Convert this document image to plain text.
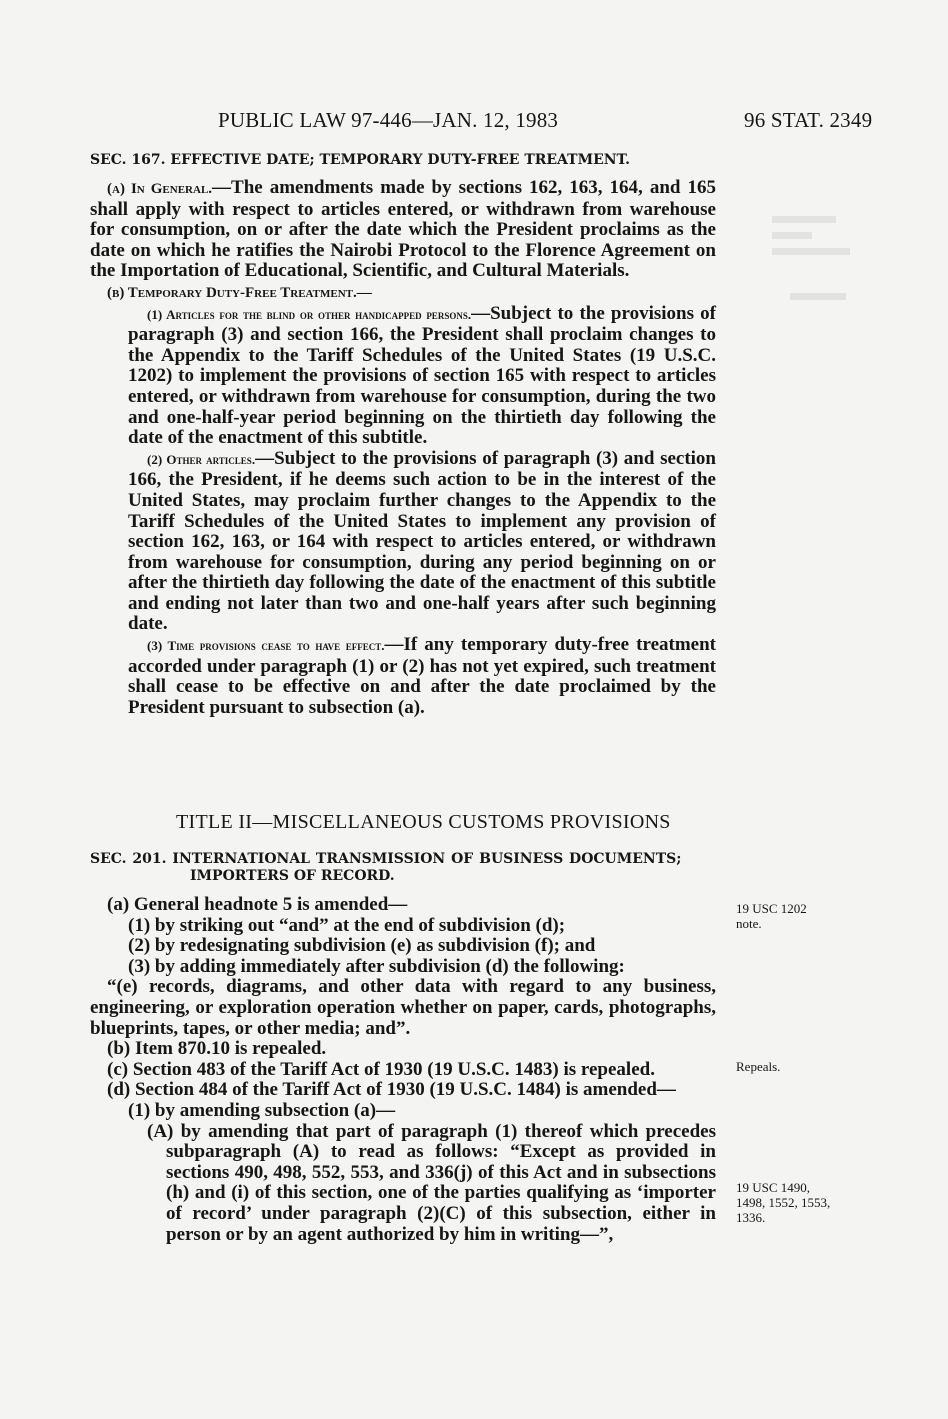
PUBLIC LAW 97-446—JAN. 12, 1983	96 STAT. 2349

SEC. 167. EFFECTIVE DATE; TEMPORARY DUTY-FREE TREATMENT.

(a) In General.—The amendments made by sections 162, 163, 164, and 165 shall apply with respect to articles entered, or withdrawn from warehouse for consumption, on or after the date which the President proclaims as the date on which he ratifies the Nairobi Protocol to the Florence Agreement on the Importation of Educational, Scientific, and Cultural Materials.

(b) Temporary Duty-Free Treatment.—

(1) Articles for the blind or other handicapped persons.—Subject to the provisions of paragraph (3) and section 166, the President shall proclaim changes to the Appendix to the Tariff Schedules of the United States (19 U.S.C. 1202) to implement the provisions of section 165 with respect to articles entered, or withdrawn from warehouse for consumption, during the two and one-half-year period beginning on the thirtieth day following the date of the enactment of this subtitle.

(2) Other articles.—Subject to the provisions of paragraph (3) and section 166, the President, if he deems such action to be in the interest of the United States, may proclaim further changes to the Appendix to the Tariff Schedules of the United States to implement any provision of section 162, 163, or 164 with respect to articles entered, or withdrawn from warehouse for consumption, during any period beginning on or after the thirtieth day following the date of the enactment of this subtitle and ending not later than two and one-half years after such beginning date.

(3) Time provisions cease to have effect.—If any temporary duty-free treatment accorded under paragraph (1) or (2) has not yet expired, such treatment shall cease to be effective on and after the date proclaimed by the President pursuant to subsection (a).

TITLE II—MISCELLANEOUS CUSTOMS PROVISIONS

SEC. 201. INTERNATIONAL TRANSMISSION OF BUSINESS DOCUMENTS;

IMPORTERS OF RECORD.

(a) General headnote 5 is amended—

(1) by striking out “and” at the end of subdivision (d);

(2) by redesignating subdivision (e) as subdivision (f); and

(3) by adding immediately after subdivision (d) the following:

“(e) records, diagrams, and other data with regard to any business, engineering, or exploration operation whether on paper, cards, photographs, blueprints, tapes, or other media; and”.

(b) Item 870.10 is repealed.

(c) Section 483 of the Tariff Act of 1930 (19 U.S.C. 1483) is repealed.

(d) Section 484 of the Tariff Act of 1930 (19 U.S.C. 1484) is amended—

(1) by amending subsection (a)—

(A) by amending that part of paragraph (1) thereof which precedes subparagraph (A) to read as follows: “Except as provided in sections 490, 498, 552, 553, and 336(j) of this Act and in subsections (h) and (i) of this section, one of the parties qualifying as ‘importer of record’ under paragraph (2)(C) of this subsection, either in person or by an agent authorized by him in writing—”,

19 USC 1202
note.
Repeals.
19 USC 1490,
1498, 1552, 1553,
1336.
